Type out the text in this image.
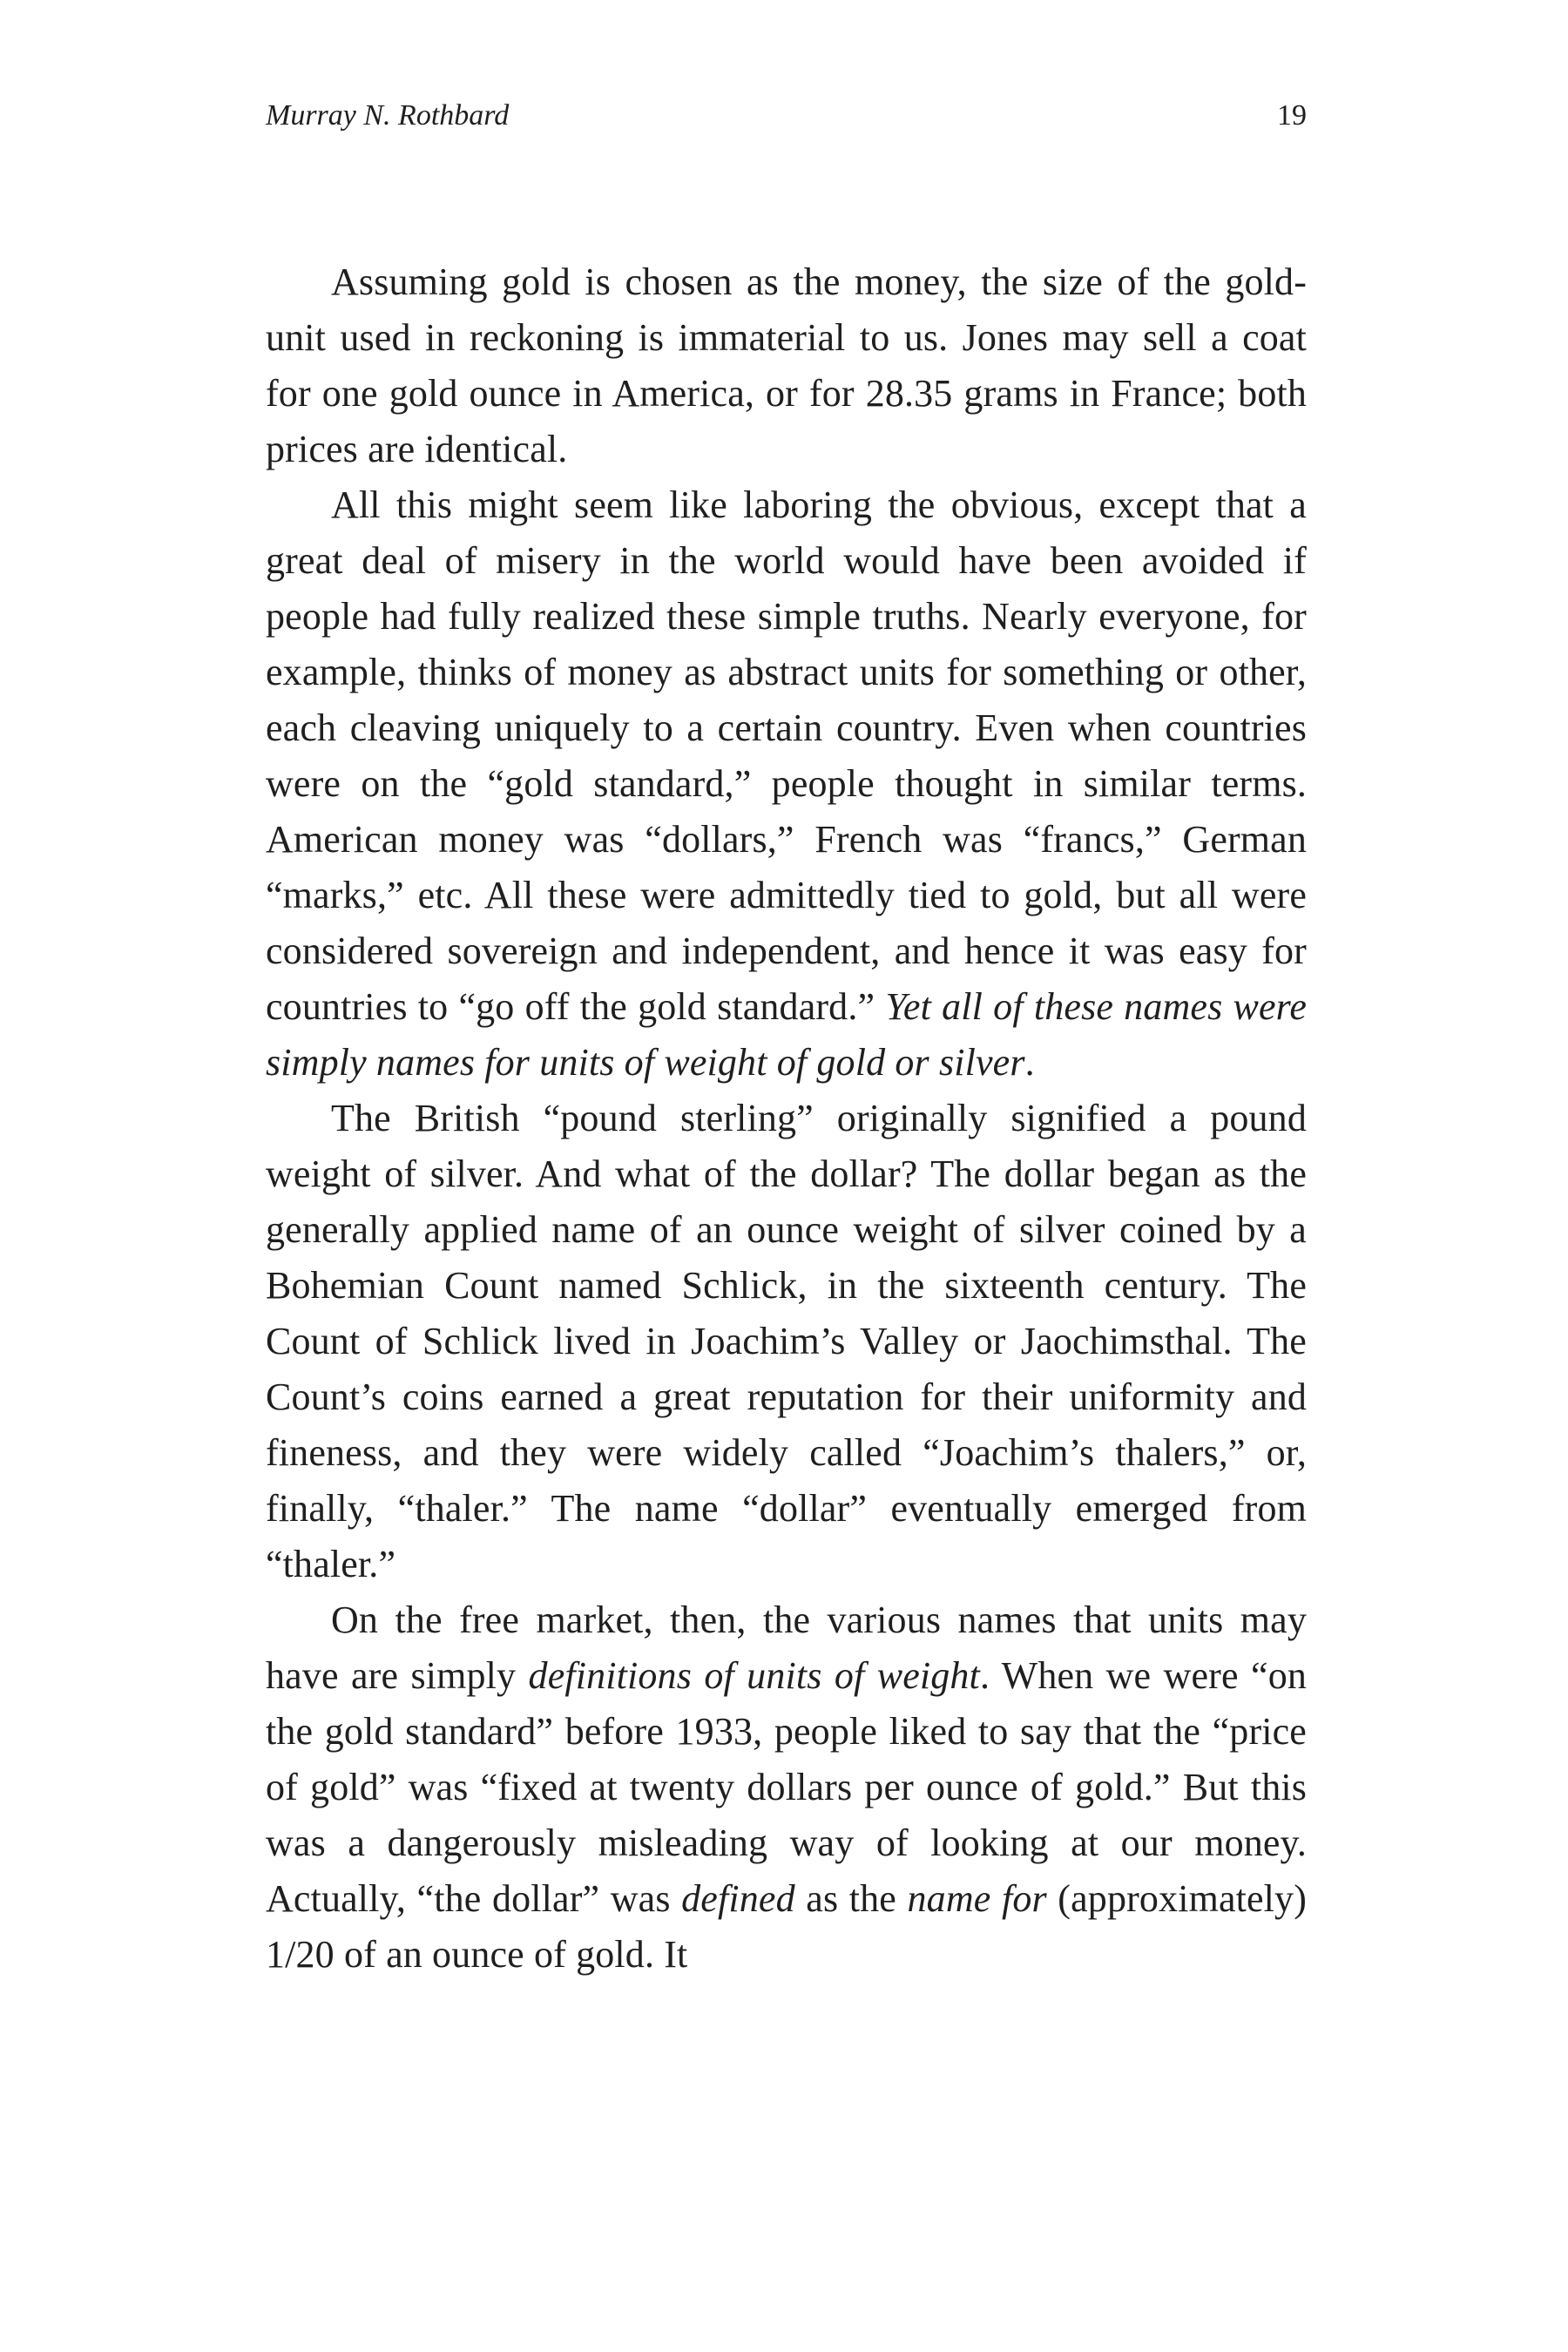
Murray N. Rothbard	19

Assuming gold is chosen as the money, the size of the gold-unit used in reckoning is immaterial to us. Jones may sell a coat for one gold ounce in America, or for 28.35 grams in France; both prices are identical.

All this might seem like laboring the obvious, except that a great deal of misery in the world would have been avoided if people had fully realized these simple truths. Nearly everyone, for example, thinks of money as abstract units for something or other, each cleaving uniquely to a certain country. Even when countries were on the “gold standard,” people thought in similar terms. American money was “dollars,” French was “francs,” German “marks,” etc. All these were admittedly tied to gold, but all were considered sovereign and independent, and hence it was easy for countries to “go off the gold standard.” Yet all of these names were simply names for units of weight of gold or silver.

The British “pound sterling” originally signified a pound weight of silver. And what of the dollar? The dollar began as the generally applied name of an ounce weight of silver coined by a Bohemian Count named Schlick, in the sixteenth century. The Count of Schlick lived in Joachim’s Valley or Jaochimsthal. The Count’s coins earned a great reputation for their uniformity and fineness, and they were widely called “Joachim’s thalers,” or, finally, “thaler.” The name “dollar” eventually emerged from “thaler.”

On the free market, then, the various names that units may have are simply definitions of units of weight. When we were “on the gold standard” before 1933, people liked to say that the “price of gold” was “fixed at twenty dollars per ounce of gold.” But this was a dangerously misleading way of looking at our money. Actually, “the dollar” was defined as the name for (approximately) 1/20 of an ounce of gold. It
